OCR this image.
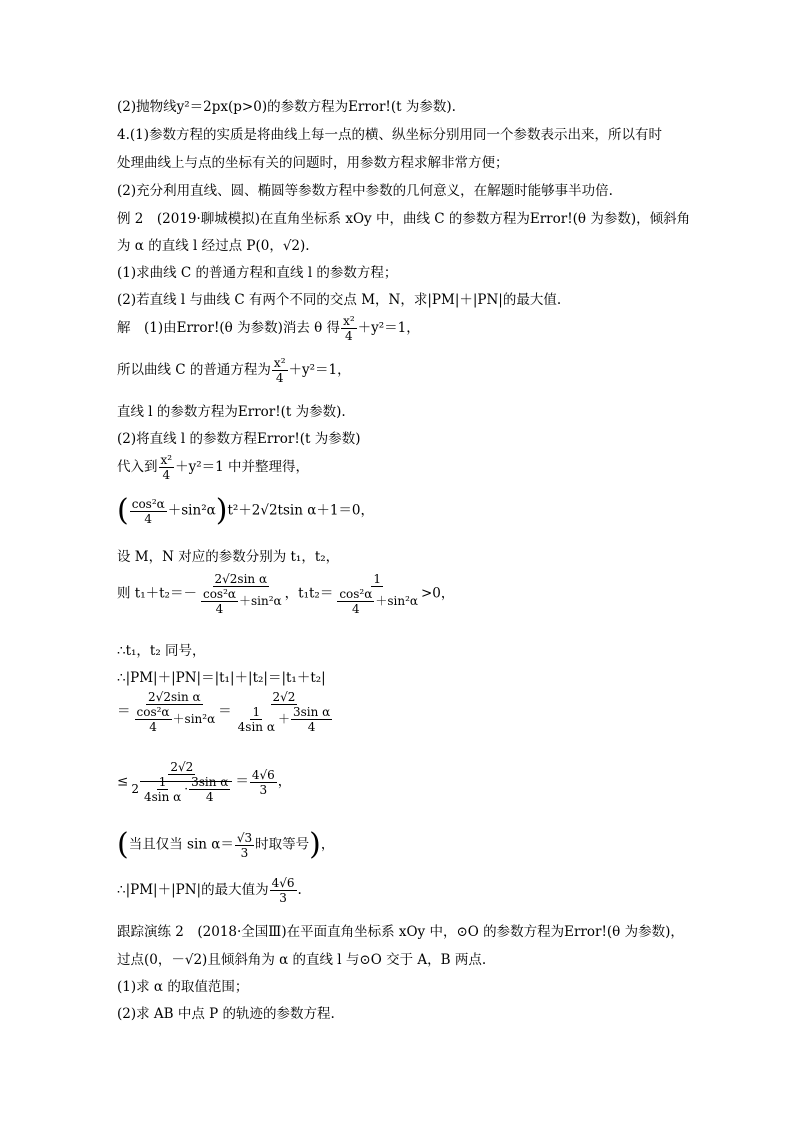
(2)抛物线y²＝2px(p>0)的参数方程为Error!(t 为参数).
4.(1)参数方程的实质是将曲线上每一点的横、纵坐标分别用同一个参数表示出来，所以有时
处理曲线上与点的坐标有关的问题时，用参数方程求解非常方便；
(2)充分利用直线、圆、椭圆等参数方程中参数的几何意义，在解题时能够事半功倍.
例 2　(2019·聊城模拟)在直角坐标系 xOy 中，曲线 C 的参数方程为Error!(θ 为参数)，倾斜角
为 α 的直线 l 经过点 P(0，√2).
(1)求曲线 C 的普通方程和直线 l 的参数方程；
(2)若直线 l 与曲线 C 有两个不同的交点 M，N，求|PM|＋|PN|的最大值.
解　(1)由Error!(θ 为参数)消去 θ 得 $\frac{\text{x²}}{4} +y^2=1$，
所以曲线 C 的普通方程为 $\frac{\text{x²}}{4} +y^2=1$，
直线 l 的参数方程为Error!(t 为参数).
(2)将直线 l 的参数方程Error!(t 为参数)
代入到 $\frac{\text{x²}}{4} +y^2=1$ 中并整理得，
( $\frac{\text{cos²α}}{4} +\sin^2\alpha)t^2+2√2tsin$ α＋1＝0，
设 M，N 对应的参数分别为 t₁，t₂，
则 $t_1+t_2=- \frac{\text{2√2sin α}}{\frac{\text{cos²α}}{4} +\sin^2\alpha}$ ，$t_1t_2= \frac{1}{\frac{\text{cos²α}}{4} +\sin^2\alpha} >0$，
∴t₁，t₂ 同号，
∴|PM|＋|PN|＝|t₁|＋|t₂|＝|t₁＋t₂|
＝ $\frac{\text{2√2sin α}}{\frac{\text{cos²α}}{4} +\sin^2\alpha} = \frac{2√2}{\frac{1}{\text{4sin α}} + \frac{\text{3sin α}}{4}}$
≤ $\frac{2√2}{2 \frac{1}{\text{4sin α}} \cdot \frac{\text{3sin α}}{4}} = \frac{4√6}{3}$ ，
(当且仅当 $\sin \alpha= \frac{√3}{3}$ 时取等号)，
∴|PM|＋|PN|的最大值为 $\frac{4√6}{3}$ .
跟踪演练 2　(2018·全国Ⅲ)在平面直角坐标系 xOy 中，⊙O 的参数方程为Error!(θ 为参数)，
过点(0，－√2)且倾斜角为 α 的直线 l 与⊙O 交于 A，B 两点.
(1)求 α 的取值范围；
(2)求 AB 中点 P 的轨迹的参数方程.
